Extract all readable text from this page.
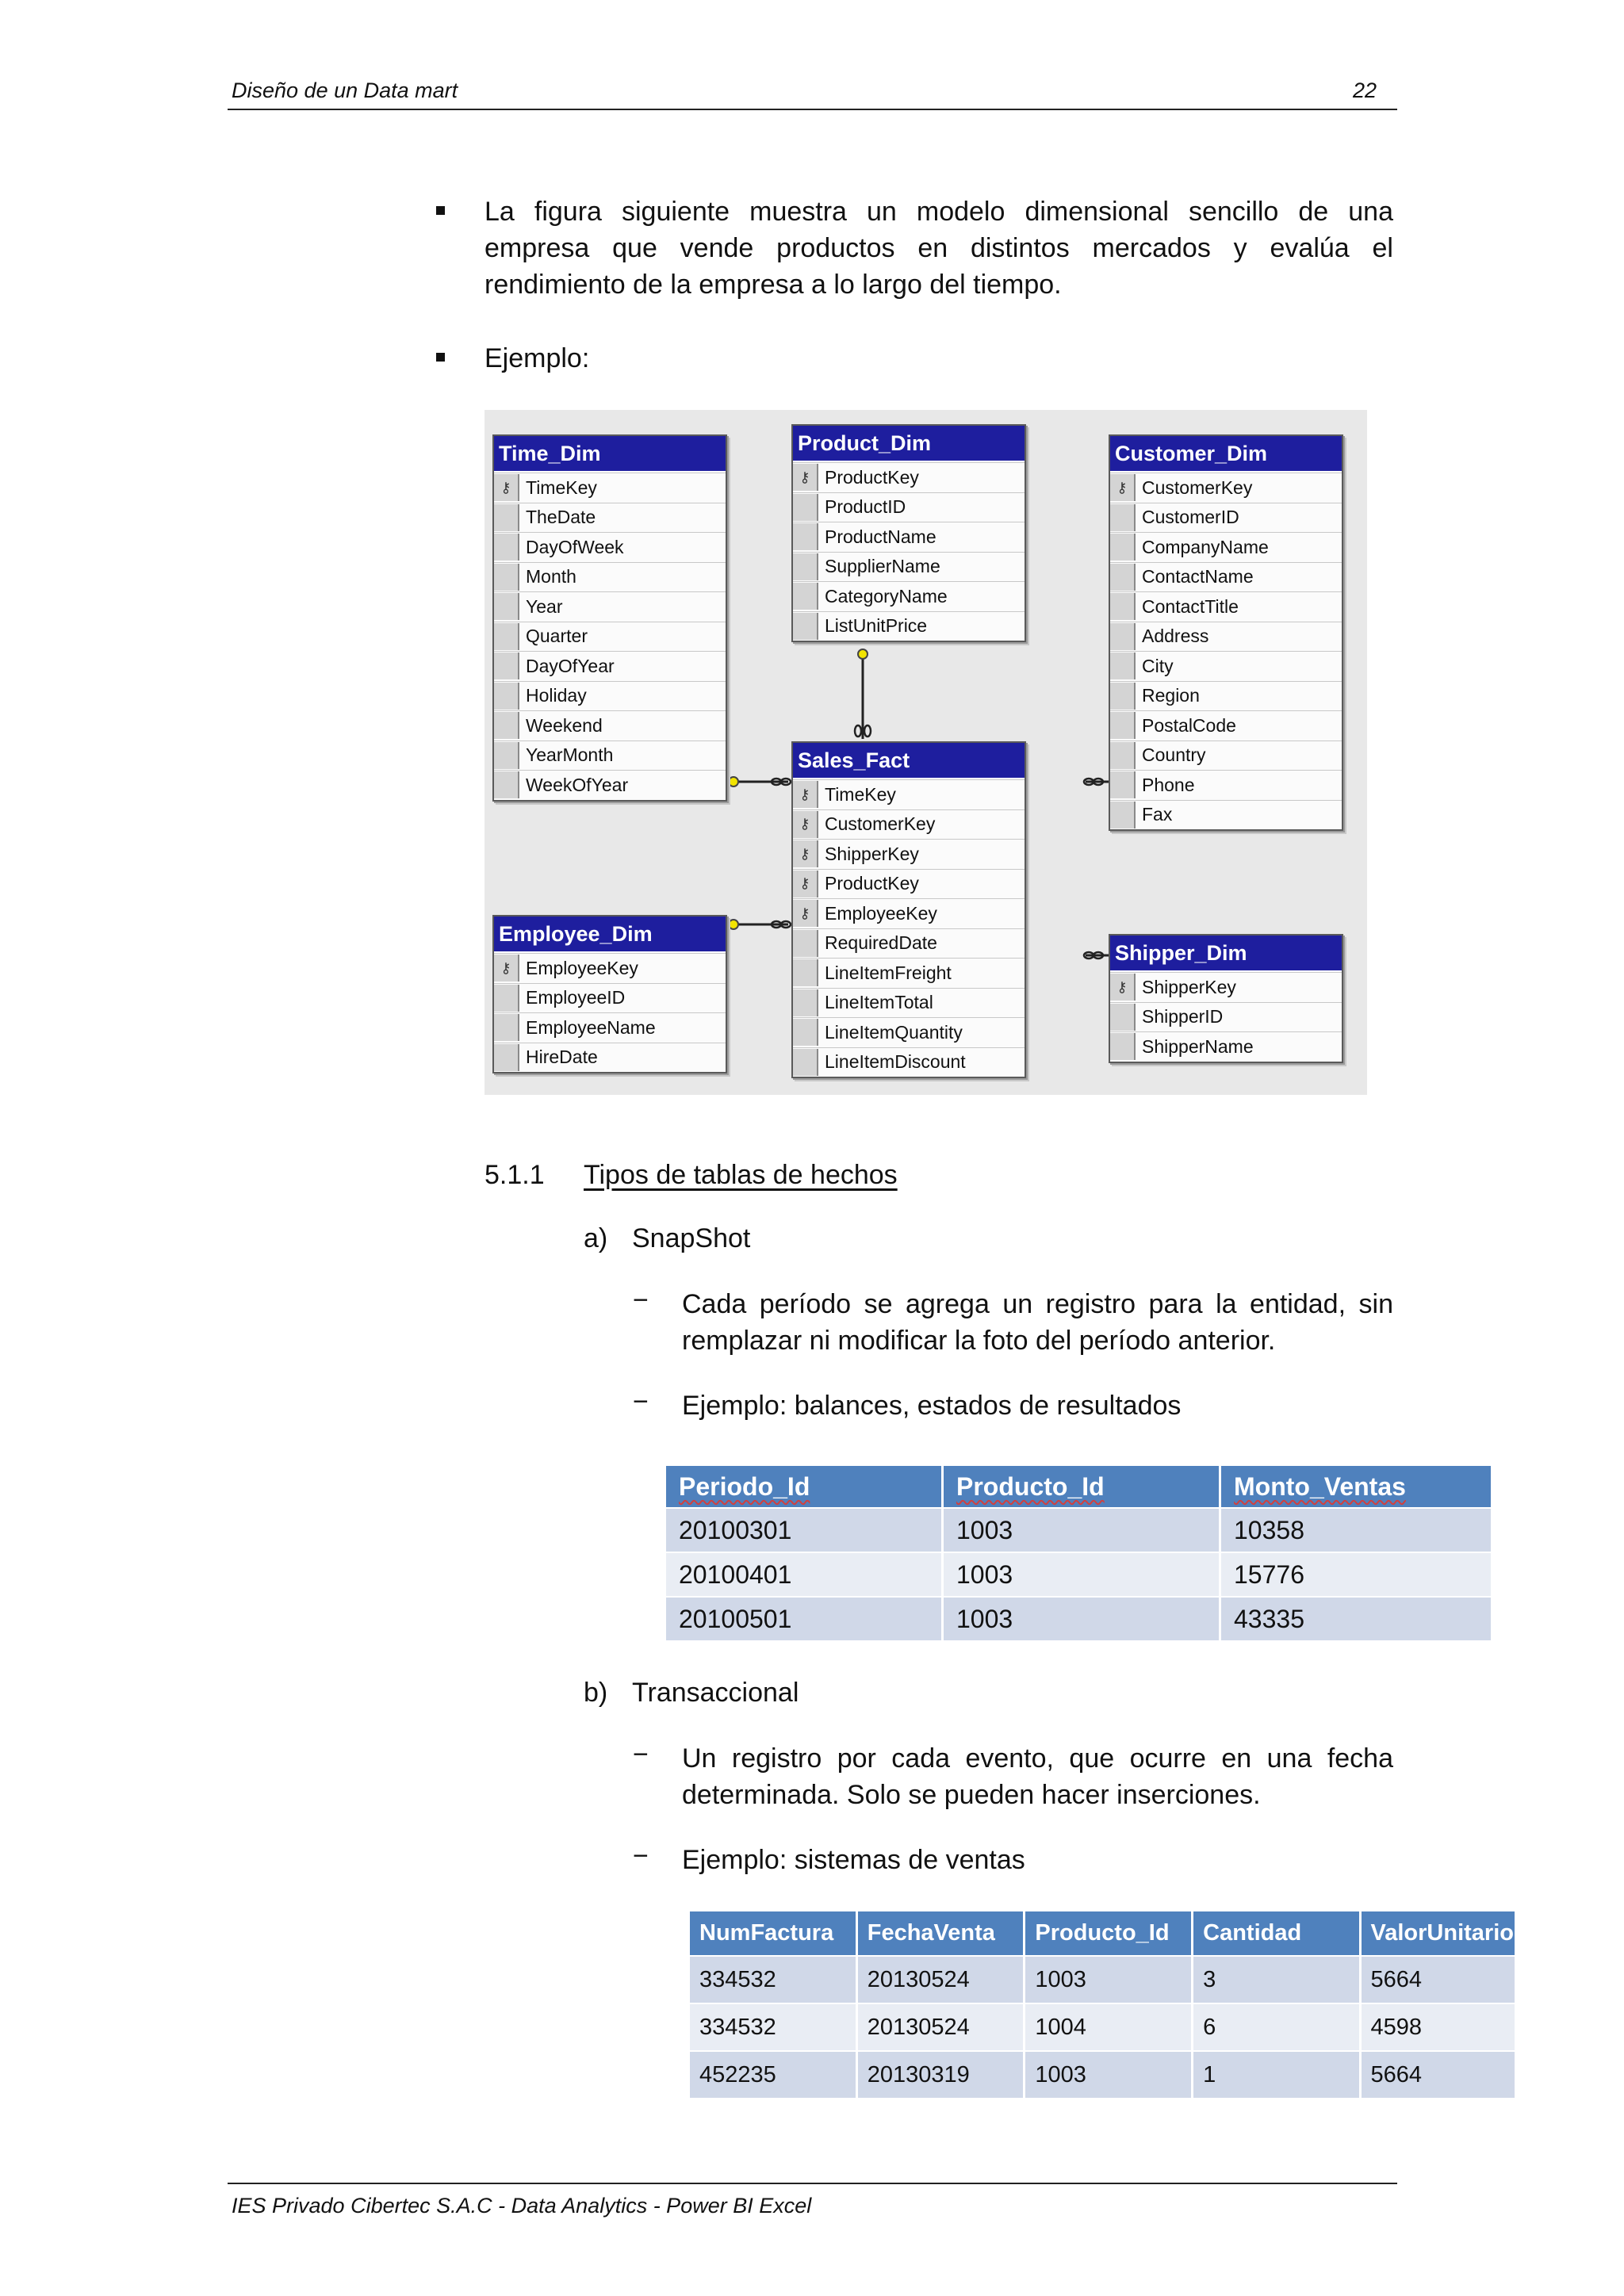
Diseño de un Data mart	22
La figura siguiente muestra un modelo dimensional sencillo de una empresa que vende productos en distintos mercados y evalúa el rendimiento de la empresa a lo largo del tiempo.
Ejemplo:
Time_Dim
⚷ TimeKey
TheDate
DayOfWeek
Month
Year
Quarter
DayOfYear
Holiday
Weekend
YearMonth
WeekOfYear
Product_Dim
⚷ ProductKey
ProductID
ProductName
SupplierName
CategoryName
ListUnitPrice
Customer_Dim
⚷ CustomerKey
CustomerID
CompanyName
ContactName
ContactTitle
Address
City
Region
PostalCode
Country
Phone
Fax
Sales_Fact
⚷ TimeKey
⚷ CustomerKey
⚷ ShipperKey
⚷ ProductKey
⚷ EmployeeKey
RequiredDate
LineItemFreight
LineItemTotal
LineItemQuantity
LineItemDiscount
Employee_Dim
⚷ EmployeeKey
EmployeeID
EmployeeName
HireDate
Shipper_Dim
⚷ ShipperKey
ShipperID
ShipperName
5.1.1 Tipos de tablas de hechos
a) SnapShot
− Cada período se agrega un registro para la entidad, sin remplazar ni modificar la foto del período anterior.
− Ejemplo: balances, estados de resultados
Periodo_Id	Producto_Id	Monto_Ventas
20100301	1003	10358
20100401	1003	15776
20100501	1003	43335
b) Transaccional
− Un registro por cada evento, que ocurre en una fecha determinada. Solo se pueden hacer inserciones.
− Ejemplo: sistemas de ventas
NumFactura	FechaVenta	Producto_Id	Cantidad	ValorUnitario
334532	20130524	1003	3	5664
334532	20130524	1004	6	4598
452235	20130319	1003	1	5664
IES Privado Cibertec S.A.C - Data Analytics - Power BI Excel
